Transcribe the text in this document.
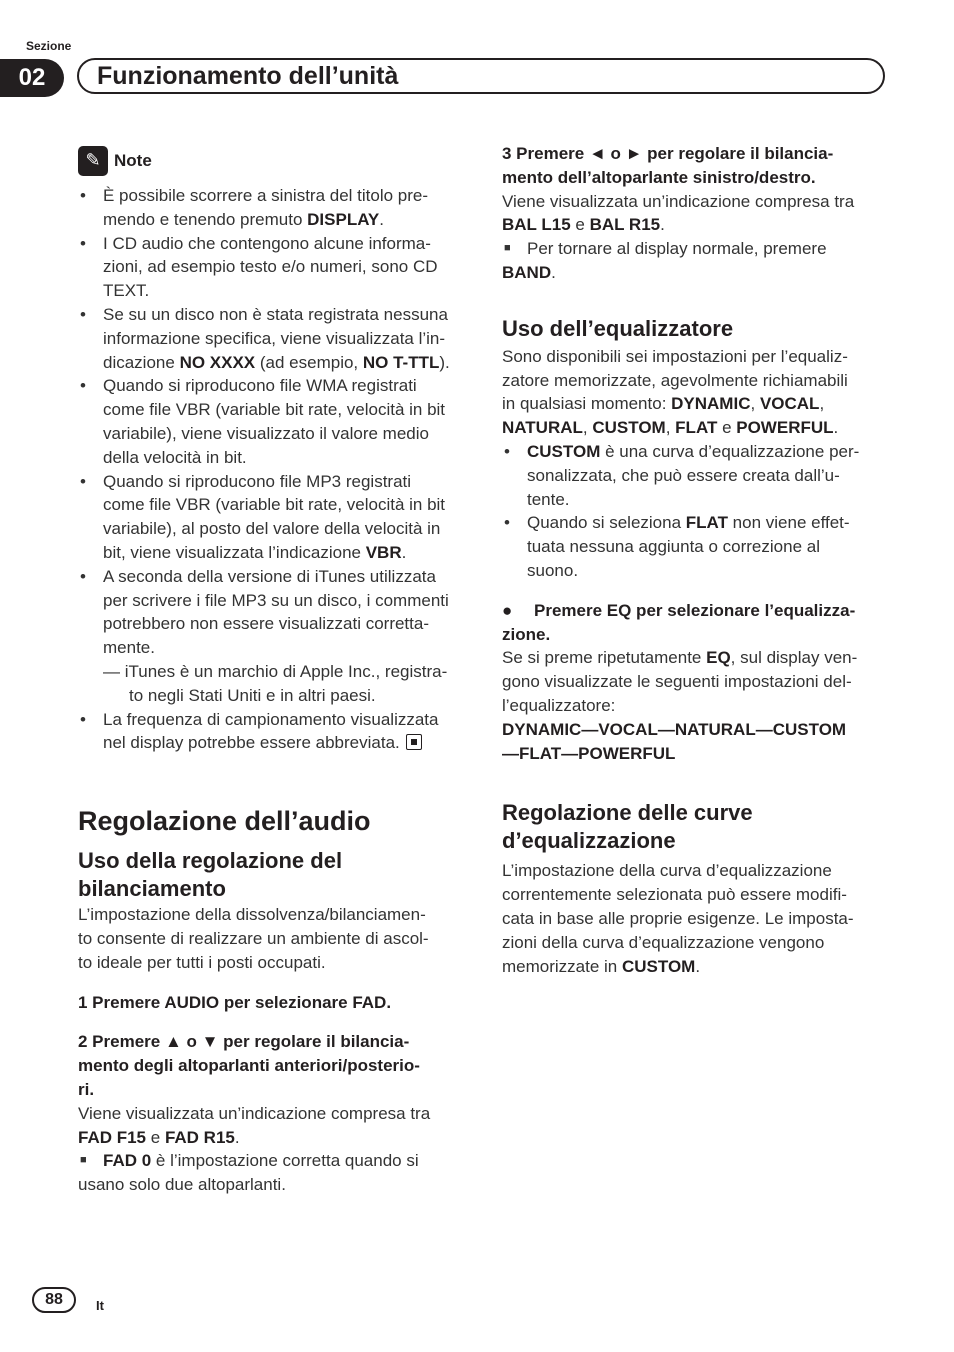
Sezione
02	Funzionamento dell’unità
✎ Note
• È possibile scorrere a sinistra del titolo pre-
mendo e tenendo premuto DISPLAY.
• I CD audio che contengono alcune informa-
zioni, ad esempio testo e/o numeri, sono CD
TEXT.
• Se su un disco non è stata registrata nessuna
informazione specifica, viene visualizzata l’in-
dicazione NO XXXX (ad esempio, NO T-TTL).
• Quando si riproducono file WMA registrati
come file VBR (variable bit rate, velocità in bit
variabile), viene visualizzato il valore medio
della velocità in bit.
• Quando si riproducono file MP3 registrati
come file VBR (variable bit rate, velocità in bit
variabile), al posto del valore della velocità in
bit, viene visualizzata l’indicazione VBR.
• A seconda della versione di iTunes utilizzata
per scrivere i file MP3 su un disco, i commenti
potrebbero non essere visualizzati corretta-
mente.
— iTunes è un marchio di Apple Inc., registra-
to negli Stati Uniti e in altri paesi.
• La frequenza di campionamento visualizzata
nel display potrebbe essere abbreviata.
Regolazione dell’audio
Uso della regolazione del
bilanciamento
L’impostazione della dissolvenza/bilanciamen-
to consente di realizzare un ambiente di ascol-
to ideale per tutti i posti occupati.
1 Premere AUDIO per selezionare FAD.
2 Premere ▲ o ▼ per regolare il bilancia-
mento degli altoparlanti anteriori/posterio-
ri.
Viene visualizzata un’indicazione compresa tra
FAD F15 e FAD R15.
■ FAD 0 è l’impostazione corretta quando si
usano solo due altoparlanti.
3 Premere ◄ o ► per regolare il bilancia-
mento dell’altoparlante sinistro/destro.
Viene visualizzata un’indicazione compresa tra
BAL L15 e BAL R15.
■ Per tornare al display normale, premere
BAND.
Uso dell’equalizzatore
Sono disponibili sei impostazioni per l’equaliz-
zatore memorizzate, agevolmente richiamabili
in qualsiasi momento: DYNAMIC, VOCAL,
NATURAL, CUSTOM, FLAT e POWERFUL.
• CUSTOM è una curva d’equalizzazione per-
sonalizzata, che può essere creata dall’u-
tente.
• Quando si seleziona FLAT non viene effet-
tuata nessuna aggiunta o correzione al
suono.
● Premere EQ per selezionare l’equalizza-
zione.
Se si preme ripetutamente EQ, sul display ven-
gono visualizzate le seguenti impostazioni del-
l’equalizzatore:
DYNAMIC—VOCAL—NATURAL—CUSTOM
—FLAT—POWERFUL
Regolazione delle curve
d’equalizzazione
L’impostazione della curva d’equalizzazione
correntemente selezionata può essere modifi-
cata in base alle proprie esigenze. Le imposta-
zioni della curva d’equalizzazione vengono
memorizzate in CUSTOM.
88	It
